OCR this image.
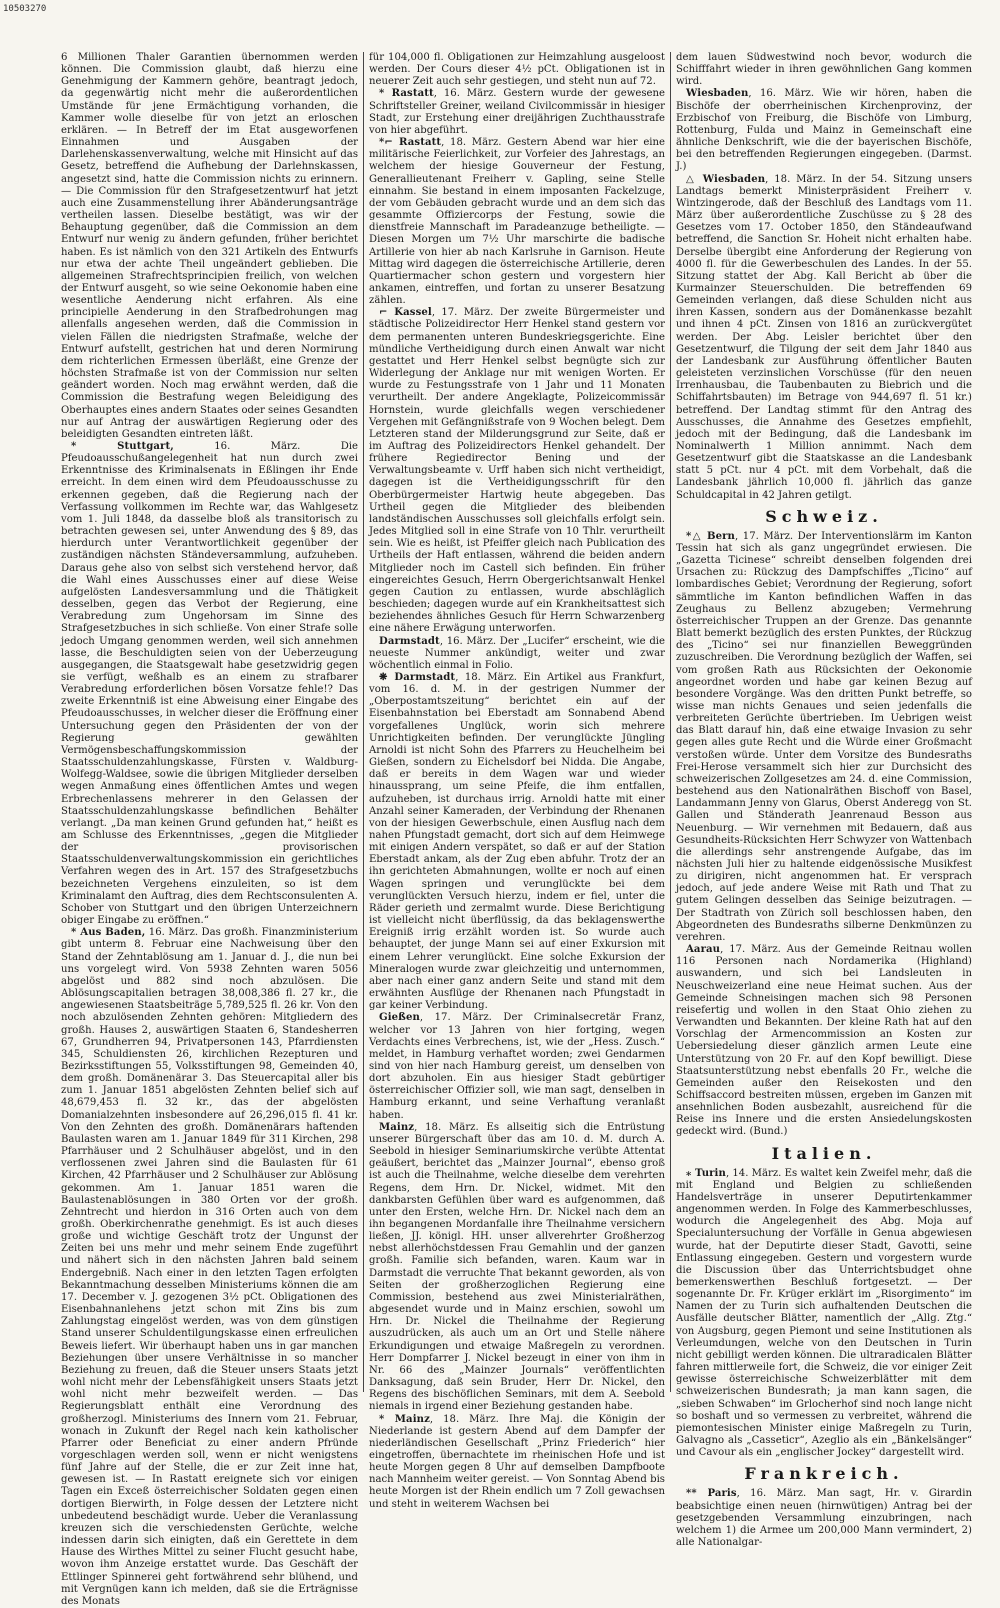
10503270

6 Millionen Thaler Garantien übernommen werden können. Die Commission glaubt, daß hierzu eine Genehmigung der Kammern gehöre, beantragt jedoch, da gegenwärtig nicht mehr die außerordentlichen Umstände für jene Ermächtigung vorhanden, die Kammer wolle dieselbe für von jetzt an erloschen erklären. — In Betreff der im Etat ausgeworfenen Einnahmen und Ausgaben der Darlehenskassenverwaltung, welche mit Hinsicht auf das Gesetz, betreffend die Aufhebung der Darlehnskassen, angesetzt sind, hatte die Commission nichts zu erinnern. — Die Commission für den Strafgesetzentwurf hat jetzt auch eine Zusammenstellung ihrer Abänderungsanträge vertheilen lassen. Dieselbe bestätigt, was wir der Behauptung gegenüber, daß die Commission an dem Entwurf nur wenig zu ändern gefunden, früher berichtet haben. Es ist nämlich von den 321 Artikeln des Entwurfs nur etwa der achte Theil ungeändert geblieben. Die allgemeinen Strafrechtsprincipien freilich, von welchen der Entwurf ausgeht, so wie seine Oekonomie haben eine wesentliche Aenderung nicht erfahren. Als eine principielle Aenderung in den Strafbedrohungen mag allenfalls angesehen werden, daß die Commission in vielen Fällen die niedrigsten Strafmaße, welche der Entwurf aufstellt, gestrichen hat und deren Normirung dem richterlichen Ermessen überläßt, eine Grenze der höchsten Strafmaße ist von der Commission nur selten geändert worden. Noch mag erwähnt werden, daß die Commission die Bestrafung wegen Beleidigung des Oberhauptes eines andern Staates oder seines Gesandten nur auf Antrag der auswärtigen Regierung oder des beleidigten Gesandten eintreten läßt.

* Stuttgart, 16. März. Die Pfeudoausschußangelegenheit hat nun durch zwei Erkenntnisse des Kriminalsenats in Eßlingen ihr Ende erreicht. In dem einen wird dem Pfeudoausschusse zu erkennen gegeben, daß die Regierung nach der Verfassung vollkommen im Rechte war, das Wahlgesetz vom 1. Juli 1848, da dasselbe bloß als transitorisch zu betrachten gewesen sei, unter Anwendung des § 89, das hierdurch unter Verantwortlichkeit gegenüber der zuständigen nächsten Ständeversammlung, aufzuheben. Daraus gehe also von selbst sich verstehend hervor, daß die Wahl eines Ausschusses einer auf diese Weise aufgelösten Landesversammlung und die Thätigkeit desselben, gegen das Verbot der Regierung, eine Verabredung zum Ungehorsam im Sinne des Strafgesetzbuches in sich schließe. Von einer Strafe solle jedoch Umgang genommen werden, weil sich annehmen lasse, die Beschuldigten seien von der Ueberzeugung ausgegangen, die Staatsgewalt habe gesetzwidrig gegen sie verfügt, weßhalb es an einem zu strafbarer Verabredung erforderlichen bösen Vorsatze fehle!? Das zweite Erkenntniß ist eine Abweisung einer Eingabe des Pfeudoausschusses, in welcher dieser die Eröffnung einer Untersuchung gegen den Präsidenten der von der Regierung gewählten Vermögensbeschaffungskommission der Staatsschuldenzahlungskasse, Fürsten v. Waldburg-Wolfegg-Waldsee, sowie die übrigen Mitglieder derselben wegen Anmaßung eines öffentlichen Amtes und wegen Erbrechenlassens mehrerer in den Gelassen der Staatsschuldenzahlungskasse befindlichen Behälter verlangt. „Da man keinen Grund gefunden hat,“ heißt es am Schlusse des Erkenntnisses, „gegen die Mitglieder der provisorischen Staatsschuldenverwaltungskommission ein gerichtliches Verfahren wegen des in Art. 157 des Strafgesetzbuchs bezeichneten Vergehens einzuleiten, so ist dem Kriminalamt den Auftrag, dies dem Rechtsconsulenten A. Schober von Stuttgart und den übrigen Unterzeichnern obiger Eingabe zu eröffnen.“

* Aus Baden, 16. März. Das großh. Finanzministerium gibt unterm 8. Februar eine Nachweisung über den Stand der Zehntablösung am 1. Januar d. J., die nun bei uns vorgelegt wird. Von 5938 Zehnten waren 5056 abgelöst und 882 sind noch abzulösen. Die Ablösungscapitalien betragen 38,008,386 fl. 27 kr., die angewiesenen Staatsbeiträge 5,789,525 fl. 26 kr. Von den noch abzulösenden Zehnten gehören: Mitgliedern des großh. Hauses 2, auswärtigen Staaten 6, Standesherren 67, Grundherren 94, Privatpersonen 143, Pfarrdiensten 345, Schuldiensten 26, kirchlichen Rezepturen und Bezirksstiftungen 55, Volksstiftungen 98, Gemeinden 40, dem großh. Domänenärar 3. Das Steuercapital aller bis zum 1. Januar 1851 abgelösten Zehnten belief sich auf 48,679,453 fl. 32 kr., das der abgelösten Domanialzehnten insbesondere auf 26,296,015 fl. 41 kr. Von den Zehnten des großh. Domänenärars haftenden Baulasten waren am 1. Januar 1849 für 311 Kirchen, 298 Pfarrhäuser und 2 Schulhäuser abgelöst, und in den verflossenen zwei Jahren sind die Baulasten für 61 Kirchen, 42 Pfarrhäuser und 2 Schulhäuser zur Ablösung gekommen. Am 1. Januar 1851 waren die Baulastenablösungen in 380 Orten vor der großh. Zehntrecht und hierdon in 316 Orten auch von dem großh. Oberkirchenrathe genehmigt. Es ist auch dieses große und wichtige Geschäft trotz der Ungunst der Zeiten bei uns mehr und mehr seinem Ende zugeführt und nähert sich in den nächsten Jahren bald seinem Endergebniß. Nach einer in den letzten Tagen erfolgten Bekanntmachung desselben Ministeriums können die am 17. December v. J. gezogenen 3½ pCt. Obligationen des Eisenbahnanlehens jetzt schon mit Zins bis zum Zahlungstag eingelöst werden, was von dem günstigen Stand unserer Schuldentilgungskasse einen erfreulichen Beweis liefert. Wir überhaupt haben uns in gar manchen Beziehungen über unsere Verhältnisse in so mancher Beziehung zu freuen, daß die Steuer unsers Staats jetzt wohl nicht mehr der Lebensfähigkeit unsers Staats jetzt wohl nicht mehr bezweifelt werden. — Das Regierungsblatt enthält eine Verordnung des großherzogl. Ministeriums des Innern vom 21. Februar, wonach in Zukunft der Regel nach kein katholischer Pfarrer oder Beneficiat zu einer andern Pfründe vorgeschlagen werden soll, wenn er nicht wenigstens fünf Jahre auf der Stelle, die er zur Zeit inne hat, gewesen ist. — In Rastatt ereignete sich vor einigen Tagen ein Exceß österreichischer Soldaten gegen einen dortigen Bierwirth, in Folge dessen der Letztere nicht unbedeutend beschädigt wurde. Ueber die Veranlassung kreuzen sich die verschiedensten Gerüchte, welche indessen darin sich einigten, daß ein Gerettete in dem Hause des Wirthes Mittel zu seiner Flucht gesucht habe, wovon ihm Anzeige erstattet wurde. Das Geschäft der Ettlinger Spinnerei geht fortwährend sehr blühend, und mit Vergnügen kann ich melden, daß sie die Erträgnisse des Monats

für 104,000 fl. Obligationen zur Heimzahlung ausgeloost werden. Der Cours dieser 4½ pCt. Obligationen ist in neuerer Zeit auch sehr gestiegen, und steht nun auf 72.

* Rastatt, 16. März. Gestern wurde der gewesene Schriftsteller Greiner, weiland Civilcommissär in hiesiger Stadt, zur Erstehung einer dreijährigen Zuchthausstrafe von hier abgeführt.

*⌐ Rastatt, 18. März. Gestern Abend war hier eine militärische Feierlichkeit, zur Vorfeier des Jahrestags, an welchem der hiesige Gouverneur der Festung, Generallieutenant Freiherr v. Gapling, seine Stelle einnahm. Sie bestand in einem imposanten Fackelzuge, der vom Gebäuden gebracht wurde und an dem sich das gesammte Offiziercorps der Festung, sowie die dienstfreie Mannschaft im Paradeanzuge betheiligte. — Diesen Morgen um 7½ Uhr marschirte die badische Artillerie von hier ab nach Karlsruhe in Garnison. Heute Mittag wird dagegen die österreichische Artillerie, deren Quartiermacher schon gestern und vorgestern hier ankamen, eintreffen, und fortan zu unserer Besatzung zählen.

⌐ Kassel, 17. März. Der zweite Bürgermeister und städtische Polizeidirector Herr Henkel stand gestern vor dem permanenten unteren Bundeskriegsgerichte. Eine mündliche Vertheidigung durch einen Anwalt war nicht gestattet und Herr Henkel selbst begnügte sich zur Widerlegung der Anklage nur mit wenigen Worten. Er wurde zu Festungsstrafe von 1 Jahr und 11 Monaten verurtheilt. Der andere Angeklagte, Polizeicommissär Hornstein, wurde gleichfalls wegen verschiedener Vergehen mit Gefängnißstrafe von 9 Wochen belegt. Dem Letzteren stand der Milderungsgrund zur Seite, daß er im Auftrag des Polizeidirectors Henkel gehandelt. Der frühere Regiedirector Bening und der Verwaltungsbeamte v. Urff haben sich nicht vertheidigt, dagegen ist die Vertheidigungsschrift für den Oberbürgermeister Hartwig heute abgegeben. Das Urtheil gegen die Mitglieder des bleibenden landständischen Ausschusses soll gleichfalls erfolgt sein. Jedes Mitglied soll in eine Strafe von 10 Thlr. verurtheilt sein. Wie es heißt, ist Pfeiffer gleich nach Publication des Urtheils der Haft entlassen, während die beiden andern Mitglieder noch im Castell sich befinden. Ein früher eingereichtes Gesuch, Herrn Obergerichtsanwalt Henkel gegen Caution zu entlassen, wurde abschläglich beschieden; dagegen wurde auf ein Krankheitsattest sich beziehendes ähnliches Gesuch für Herrn Schwarzenberg eine nähere Erwägung unterworfen.

Darmstadt, 16. März. Der „Lucifer“ erscheint, wie die neueste Nummer ankündigt, weiter und zwar wöchentlich einmal in Folio.

❋ Darmstadt, 18. März. Ein Artikel aus Frankfurt, vom 16. d. M. in der gestrigen Nummer der „Oberpostamtszeitung“ berichtet ein auf der Eisenbahnstation bei Eberstadt am Sonnabend Abend vorgefallenes Unglück, worin sich mehrere Unrichtigkeiten befinden. Der verunglückte Jüngling Arnoldi ist nicht Sohn des Pfarrers zu Heuchelheim bei Gießen, sondern zu Eichelsdorf bei Nidda. Die Angabe, daß er bereits in dem Wagen war und wieder hinaussprang, um seine Pfeife, die ihm entfallen, aufzuheben, ist durchaus irrig. Arnoldi hatte mit einer Anzahl seiner Kameraden, der Verbindung der Rhenanen von der hiesigen Gewerbschule, einen Ausflug nach dem nahen Pfungstadt gemacht, dort sich auf dem Heimwege mit einigen Andern verspätet, so daß er auf der Station Eberstadt ankam, als der Zug eben abfuhr. Trotz der an ihn gerichteten Abmahnungen, wollte er noch auf einen Wagen springen und verunglückte bei dem verunglückten Versuch hierzu, indem er fiel, unter die Räder gerieth und zermalmt wurde. Diese Berichtigung ist vielleicht nicht überflüssig, da das beklagenswerthe Ereigniß irrig erzählt worden ist. So wurde auch behauptet, der junge Mann sei auf einer Exkursion mit einem Lehrer verunglückt. Eine solche Exkursion der Mineralogen wurde zwar gleichzeitig und unternommen, aber nach einer ganz andern Seite und stand mit dem erwähnten Ausflüge der Rhenanen nach Pfungstadt in gar keiner Verbindung.

Gießen, 17. März. Der Criminalsecretär Franz, welcher vor 13 Jahren von hier fortging, wegen Verdachts eines Verbrechens, ist, wie der „Hess. Zusch.“ meldet, in Hamburg verhaftet worden; zwei Gendarmen sind von hier nach Hamburg gereist, um denselben von dort abzuholen. Ein aus hiesiger Stadt gebürtiger österreichischer Offizier soll, wie man sagt, denselben in Hamburg erkannt, und seine Verhaftung veranlaßt haben.

Mainz, 18. März. Es allseitig sich die Entrüstung unserer Bürgerschaft über das am 10. d. M. durch A. Seebold in hiesiger Seminariumskirche verübte Attentat geäußert, berichtet das „Mainzer Journal“, ebenso groß ist auch die Theilnahme, welche dieselbe dem verehrten Regens, dem Hrn. Dr. Nickel, widmet. Mit den dankbarsten Gefühlen über ward es aufgenommen, daß unter den Ersten, welche Hrn. Dr. Nickel nach dem an ihn begangenen Mordanfalle ihre Theilnahme versichern ließen, JJ. königl. HH. unser allverehrter Großherzog nebst allerhöchstdessen Frau Gemahlin und der ganzen großh. Familie sich befanden, waren. Kaum war in Darmstadt die verruchte That bekannt geworden, als von Seiten der großherzoglichen Regierung eine Commission, bestehend aus zwei Ministerialräthen, abgesendet wurde und in Mainz erschien, sowohl um Hrn. Dr. Nickel die Theilnahme der Regierung auszudrücken, als auch um an Ort und Stelle nähere Erkundigungen und etwaige Maßregeln zu verordnen. Herr Dompfarrer J. Nickel bezeugt in einer von ihm in Nr. 66 des „Mainzer Journals“ veröffentlichten Danksagung, daß sein Bruder, Herr Dr. Nickel, den Regens des bischöflichen Seminars, mit dem A. Seebold niemals in irgend einer Beziehung gestanden habe.

* Mainz, 18. März. Ihre Maj. die Königin der Niederlande ist gestern Abend auf dem Dampfer der niederländischen Gesellschaft „Prinz Friederich“ hier eingetroffen, übernachtete im rheinischen Hofe und ist heute Morgen gegen 8 Uhr auf demselben Dampfboote nach Mannheim weiter gereist. — Von Sonntag Abend bis heute Morgen ist der Rhein endlich um 7 Zoll gewachsen und steht in weiterem Wachsen bei

dem lauen Südwestwind noch bevor, wodurch die Schifffahrt wieder in ihren gewöhnlichen Gang kommen wird.

Wiesbaden, 16. März. Wie wir hören, haben die Bischöfe der oberrheinischen Kirchenprovinz, der Erzbischof von Freiburg, die Bischöfe von Limburg, Rottenburg, Fulda und Mainz in Gemeinschaft eine ähnliche Denkschrift, wie die der bayerischen Bischöfe, bei den betreffenden Regierungen eingegeben. (Darmst. J.)

△ Wiesbaden, 18. März. In der 54. Sitzung unsers Landtags bemerkt Ministerpräsident Freiherr v. Wintzingerode, daß der Beschluß des Landtags vom 11. März über außerordentliche Zuschüsse zu § 28 des Gesetzes vom 17. October 1850, den Ständeaufwand betreffend, die Sanction Sr. Hoheit nicht erhalten habe. Derselbe übergibt eine Anforderung der Regierung von 4000 fl. für die Gewerbeschulen des Landes. In der 55. Sitzung stattet der Abg. Kall Bericht ab über die Kurmainzer Steuerschulden. Die betreffenden 69 Gemeinden verlangen, daß diese Schulden nicht aus ihren Kassen, sondern aus der Domänenkasse bezahlt und ihnen 4 pCt. Zinsen von 1816 an zurückvergütet werden. Der Abg. Leisler berichtet über den Gesetzentwurf, die Tilgung der seit dem Jahr 1840 aus der Landesbank zur Ausführung öffentlicher Bauten geleisteten verzinslichen Vorschüsse (für den neuen Irrenhausbau, die Taubenbauten zu Biebrich und die Schiffahrtsbauten) im Betrage von 944,697 fl. 51 kr.) betreffend. Der Landtag stimmt für den Antrag des Ausschusses, die Annahme des Gesetzes empfiehlt, jedoch mit der Bedingung, daß die Landesbank im Nominalwerth 1 Million annimmt. Nach dem Gesetzentwurf gibt die Staatskasse an die Landesbank statt 5 pCt. nur 4 pCt. mit dem Vorbehalt, daß die Landesbank jährlich 10,000 fl. jährlich das ganze Schuldcapital in 42 Jahren getilgt.

Schweiz.

*△ Bern, 17. März. Der Interventionslärm im Kanton Tessin hat sich als ganz ungegründet erwiesen. Die „Gazetta Ticinese“ schreibt denselben folgenden drei Ursachen zu: Rückzug des Dampfschiffes „Ticino“ auf lombardisches Gebiet; Verordnung der Regierung, sofort sämmtliche im Kanton befindlichen Waffen in das Zeughaus zu Bellenz abzugeben; Vermehrung österreichischer Truppen an der Grenze. Das genannte Blatt bemerkt bezüglich des ersten Punktes, der Rückzug des „Ticino“ sei nur finanziellen Beweggründen zuzuschreiben. Die Verordnung bezüglich der Waffen, sei vom großen Rath aus Rücksichten der Oekonomie angeordnet worden und habe gar keinen Bezug auf besondere Vorgänge. Was den dritten Punkt betreffe, so wisse man nichts Genaues und seien jedenfalls die verbreiteten Gerüchte übertrieben. Im Uebrigen weist das Blatt darauf hin, daß eine etwaige Invasion zu sehr gegen alles gute Recht und die Würde einer Großmacht verstoßen würde. Unter dem Vorsitze des Bundesraths Frei-Herose versammelt sich hier zur Durchsicht des schweizerischen Zollgesetzes am 24. d. eine Commission, bestehend aus den Nationalräthen Bischoff von Basel, Landammann Jenny von Glarus, Oberst Anderegg von St. Gallen und Ständerath Jeanrenaud Besson aus Neuenburg. — Wir vernehmen mit Bedauern, daß aus Gesundheits-Rücksichten Herr Schwyzer von Wattenbach die allerdings sehr anstrengende Aufgabe, das im nächsten Juli hier zu haltende eidgenössische Musikfest zu dirigiren, nicht angenommen hat. Er versprach jedoch, auf jede andere Weise mit Rath und That zu gutem Gelingen desselben das Seinige beizutragen. — Der Stadtrath von Zürich soll beschlossen haben, den Abgeordneten des Bundesraths silberne Denkmünzen zu verehren.

Aarau, 17. März. Aus der Gemeinde Reitnau wollen 116 Personen nach Nordamerika (Highland) auswandern, und sich bei Landsleuten in Neuschweizerland eine neue Heimat suchen. Aus der Gemeinde Schneisingen machen sich 98 Personen reisefertig und wollen in den Staat Ohio ziehen zu Verwandten und Bekannten. Der kleine Rath hat auf den Vorschlag der Armencommission an Kosten zur Uebersiedelung dieser gänzlich armen Leute eine Unterstützung von 20 Fr. auf den Kopf bewilligt. Diese Staatsunterstützung nebst ebenfalls 20 Fr., welche die Gemeinden außer den Reisekosten und den Schiffsaccord bestreiten müssen, ergeben im Ganzen mit ansehnlichen Boden ausbezahlt, ausreichend für die Reise ins Innere und die ersten Ansiedelungskosten gedeckt wird. (Bund.)

Italien.

⁎ Turin, 14. März. Es waltet kein Zweifel mehr, daß die mit England und Belgien zu schließenden Handelsverträge in unserer Deputirtenkammer angenommen werden. In Folge des Kammerbeschlusses, wodurch die Angelegenheit des Abg. Moja auf Specialuntersuchung der Vorfälle in Genua abgewiesen wurde, hat der Deputirte dieser Stadt, Gavotti, seine Entlassung eingegeben. Gestern und vorgestern wurde die Discussion über das Unterrichtsbudget ohne bemerkenswerthen Beschluß fortgesetzt. — Der sogenannte Dr. Fr. Krüger erklärt im „Risorgimento“ im Namen der zu Turin sich aufhaltenden Deutschen die Ausfälle deutscher Blätter, namentlich der „Allg. Ztg.“ von Augsburg, gegen Piemont und seine Institutionen als Verleumdungen, welche von den Deutschen in Turin nicht gebilligt werden können. Die ultraradicalen Blätter fahren mittlerweile fort, die Schweiz, die vor einiger Zeit gewisse österreichische Schweizerblätter mit dem schweizerischen Bundesrath; ja man kann sagen, die „sieben Schwaben“ im Grlocherhof sind noch lange nicht so boshaft und so vermessen zu verbreitet, während die piemontesischen Minister einige Maßregeln zu Turin, Galvagno als „Casseticr“, Azeglio als ein „Bänkelsänger“ und Cavour als ein „englischer Jockey“ dargestellt wird.

Frankreich.

** Paris, 16. März. Man sagt, Hr. v. Girardin beabsichtige einen neuen (hirnwütigen) Antrag bei der gesetzgebenden Versammlung einzubringen, nach welchem 1) die Armee um 200,000 Mann vermindert, 2) alle Nationalgar-
